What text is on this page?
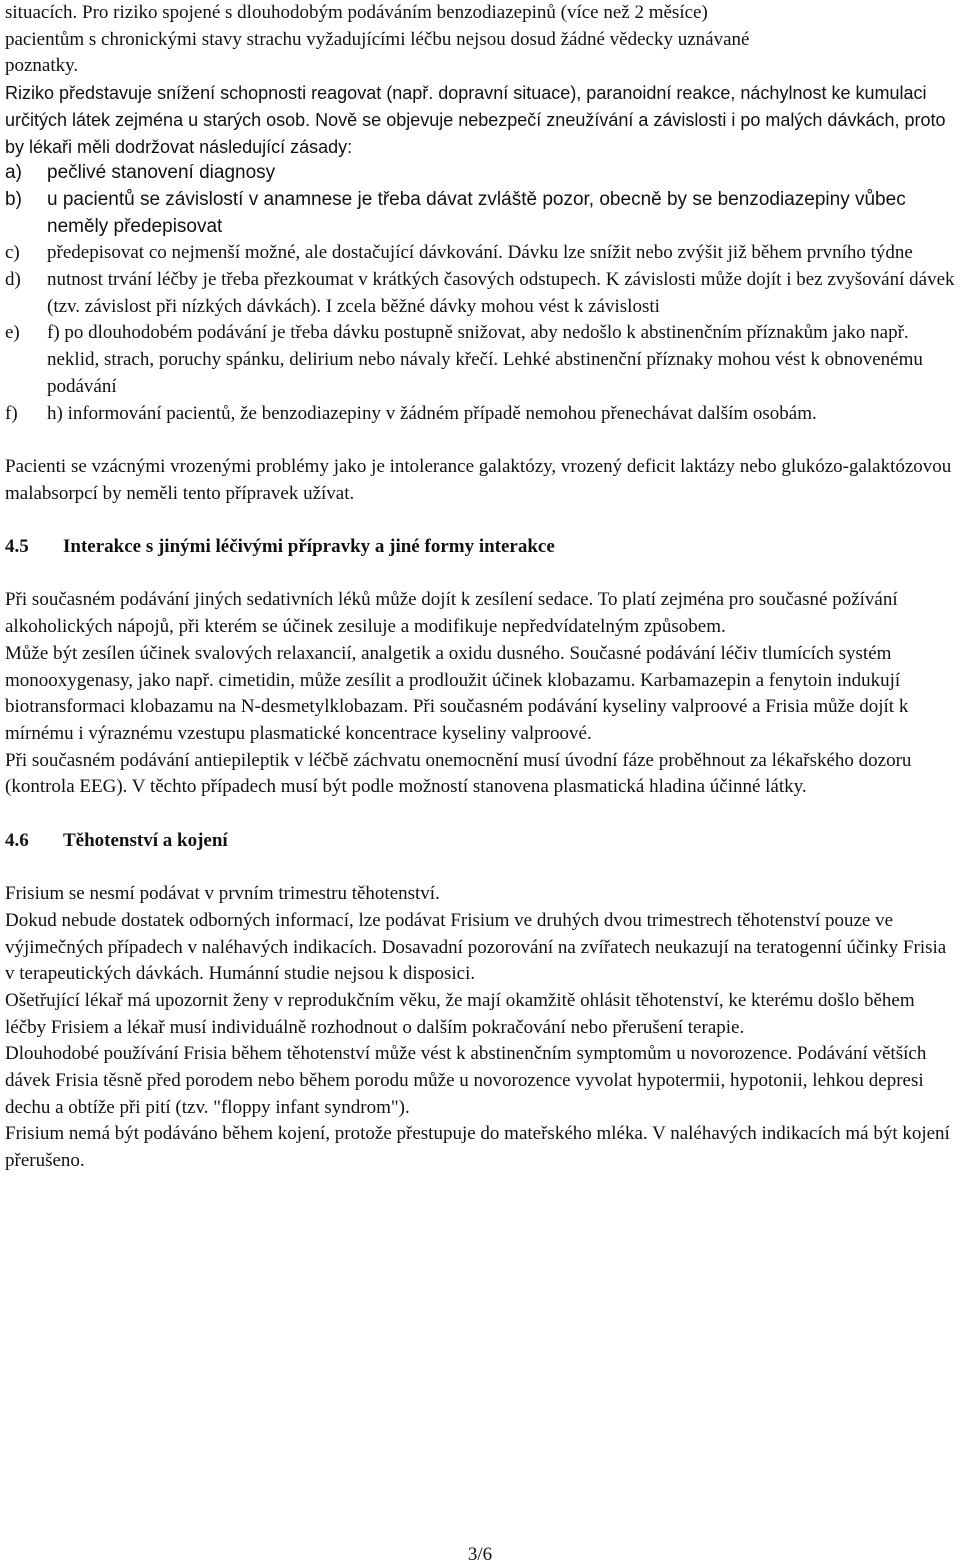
situacích. Pro riziko spojené s dlouhodobým podáváním benzodiazepinů (více než 2 měsíce)
pacientům s chronickými stavy strachu vyžadujícími léčbu nejsou dosud žádné vědecky uznávané
poznatky.

Riziko představuje snížení schopnosti reagovat (např. dopravní situace), paranoidní reakce, náchylnost ke kumulaci určitých látek zejména u starých osob. Nově se objevuje nebezpečí zneužívání a závislosti i po malých dávkách, proto by lékaři měli dodržovat následující zásady:

a) pečlivé stanovení diagnosy
b) u pacientů se závislostí v anamnese je třeba dávat zvláště pozor, obecně by se benzodiazepiny vůbec neměly předepisovat
c) předepisovat co nejmenší možné, ale dostačující dávkování. Dávku lze snížit nebo zvýšit již během prvního týdne
d) nutnost trvání léčby je třeba přezkoumat v krátkých časových odstupech. K závislosti může dojít i bez zvyšování dávek (tzv. závislost při nízkých dávkách). I zcela běžné dávky mohou vést k závislosti
e) f) po dlouhodobém podávání je třeba dávku postupně snižovat, aby nedošlo k abstinenčním příznakům jako např. neklid, strach, poruchy spánku, delirium nebo návaly křečí. Lehké abstinenční příznaky mohou vést k obnovenému podávání
f) h) informování pacientů, že benzodiazepiny v žádném případě nemohou přenechávat dalším osobám.

Pacienti se vzácnými vrozenými problémy jako je intolerance galaktózy, vrozený deficit laktázy nebo glukózo-galaktózovou malabsorpcí by neměli tento přípravek užívat.

4.5 Interakce s jinými léčivými přípravky a jiné formy interakce

Při současném podávání jiných sedativních léků může dojít k zesílení sedace. To platí zejména pro současné požívání alkoholických nápojů, při kterém se účinek zesiluje a modifikuje nepředvídatelným způsobem.

Může být zesílen účinek svalových relaxancií, analgetik a oxidu dusného. Současné podávání léčiv tlumících systém monooxygenasy, jako např. cimetidin, může zesílit a prodloužit účinek klobazamu. Karbamazepin a fenytoin indukují biotransformaci klobazamu na N-desmetylklobazam. Při současném podávání kyseliny valproové a Frisia může dojít k mírnému i výraznému vzestupu plasmatické koncentrace kyseliny valproové.

Při současném podávání antiepileptik v léčbě záchvatu onemocnění musí úvodní fáze proběhnout za lékařského dozoru (kontrola EEG). V těchto případech musí být podle možností stanovena plasmatická hladina účinné látky.

4.6 Těhotenství a kojení

Frisium se nesmí podávat v prvním trimestru těhotenství.

Dokud nebude dostatek odborných informací, lze podávat Frisium ve druhých dvou trimestrech těhotenství pouze ve výjimečných případech v naléhavých indikacích. Dosavadní pozorování na zvířatech neukazují na teratogenní účinky Frisia v terapeutických dávkách. Humánní studie nejsou k disposici.

Ošetřující lékař má upozornit ženy v reprodukčním věku, že mají okamžitě ohlásit těhotenství, ke kterému došlo během léčby Frisiem a lékař musí individuálně rozhodnout o dalším pokračování nebo přerušení terapie.

Dlouhodobé používání Frisia během těhotenství může vést k abstinenčním symptomům u novorozence. Podávání větších dávek Frisia těsně před porodem nebo během porodu může u novorozence vyvolat hypotermii, hypotonii, lehkou depresi dechu a obtíže při pití (tzv. "floppy infant syndrom").

Frisium nemá být podáváno během kojení, protože přestupuje do mateřského mléka. V naléhavých indikacích má být kojení přerušeno.

3/6
